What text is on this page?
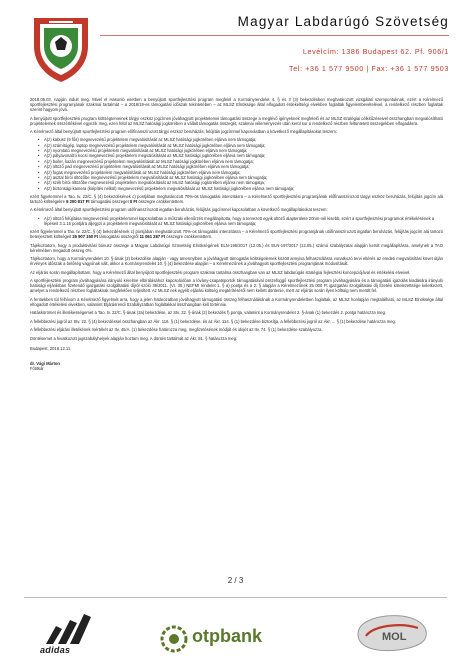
Magyar Labdarúgó Szövetség
Levélcím: 1386 Budapest 62. Pf. 906/1
Tel: +36 1 577 9500 | Fax: +36 1 577 9503

2018.05.03. napján indult meg. Mivel el Hasonló esetben a benyújtott sportfejlesztési program megfelel a Kormányrendelet 4. § és 3 (3) bekezdésben meghatározott vizsgálati szempontoknak, ezért a Kérelmező sportfejlesztési programjának szakmai tartalmát – a 2018/19-es támogatási időszak tekintetében – az MLSZ Elnöksége által elfogadott érdekeltségi elvekben foglaltak figyelembevételével, a rendelkező részben foglaltak szerint hagyom jóvá.

A benyújtott sportfejlesztési program költségterveinek tárgyi eszköz jogcímen jóváhagyott projektelemei támogatási összege a meglévő igényeknek megfelelő és az MLSZ stratégiai célkitűzéseivel összhangban megvalósítható projektelemek összértékével egyezik meg, ezen felül az MLSZ hatósági jogkörében a vállalt támogatás összegét, szakmai véleményezés után kerül sor a rendelkező részben feltüntetett összegekben elfogadásra.

A Kérelmező által benyújtott sportfejlesztési program előfinanszírozott tárgyi eszköz beruházás, felújítás jogcímmel kapcsolatban a következő megállapításokat teszem:

• A(z) kabusz (9 fős) megnevezésű projektelem megvalósítását az MLSZ hatósági jogkörében eljárva nem támogatja;
• A(z) számítógép, laptop megnevezésű projektelem megvalósítását az MLSZ hatósági jogkörében eljárva nem támogatja;
• A(z) nyomtató megnevezésű projektelem megvalósítását az MLSZ hatósági jogkörében eljárva nem támogatja;
• A(z) pályavonalzó kocsi megnevezésű projektelem megvalósítását az MLSZ hatósági jogkörében eljárva nem támogatja;
• A(z) boiler, kazán megnevezésű projektelem megvalósítását az MLSZ hatósági jogkörében eljárva nem támogatja;
• A(z) öltöző pad megnevezésű projektelem megvalósítását az MLSZ hatósági jogkörében eljárva nem támogatja;
• A(z) fogas megnevezésű projektelem megvalósítását az MLSZ hatósági jogkörében eljárva nem támogatja;
• A(z) asztal bírói öltözőbe megnevezésű projektelem megvalósítását az MLSZ hatósági jogkörében eljárva nem támogatja;
• A(z) szék bírói öltözőbe megnevezésű projektelem megvalósítását az MLSZ hatósági jogkörében eljárva nem támogatja;
• A(z) biztonsági kamera (kiépítés nélkül) megnevezésű projektelem megvalósítását az MLSZ hatósági jogkörében eljárva nem támogatja;

ezért figyelemmel a Tao. tv. 22/C. § (4) bekezdésének c) pontjában meghatározott 70%-os támogatási intenzitásra – a Kérelmező sportfejlesztési programjának előfinanszírozott tárgyi eszköz beruházás, felújítás jogcím alá tartozó költségekre 9 200 817 Ft támogatási összeget 0 Ft összegre csökkentettem.

A Kérelmező által benyújtott sportfejlesztési program utófinanszírozott ingatlan beruházás, felújítás jogcímmel kapcsolatban a következő megállapításokat teszem:

• A(z) öltöző felújítása megnevezésű projektelemmel kapcsolatban a műszaki ellenőrzés megállapította, hogy a tervezett egyik öltöző alapterülete 20nm-nél kisebb, ezért a sportfejlesztési programok értékelésének a lépéseit 3.1.15 pontjára aljegyzi a projektelem megvalósítását az MLSZ hatósági jogkörében eljárva nem támogatja;

ezért figyelemmel a Tao. tv. 22/C. § (4) bekezdésének c) pontjában meghatározott 70%-os támogatási intenzitásra – a Kérelmező sportfejlesztési programjának utófinanszírozott ingatlan beruházás, felújítás jogcím alá tartozó beterjesztett költségeit 25 907 150 Ft támogatási összegről 11 061 287 Ft összegre csökkentettem.

Tájékoztatom, hogy a produktivitási bónusz összege a Magyar Labdarúgó Szövetség Elnökségének ELN-196/2017 (12.05.) és ELN-197/2017 (12.05.) számú szabályzatai alapján került megállapításra, amelynek a TAO kérelmében megadott összeg 0%.

Tájékoztatom, hogy a Kormányrendelet 10. §-ának (2) bekezdése alapján - vagy amennyiben a jóváhagyott támogatás költségelemek között annyiva felhasználásra vonatkozó tervi eltérés az eredeti megvalósítási követ útján érvényes időszak a belőség vagyónak vált, akkor a Kormányrendelet 10. § (4) bekezdése alapján – a Kérelmezőnek a jóváhagyott sportfejlesztési programjának módosítását.

Az eljárás során megállapítottam, hogy a Kérelmező által benyújtott sportfejlesztési program szakmai tartalma összhangban van az MLSZ labdarúgás stratégiai fejlesztési koncepciójával és értékelési elveivel.

A sportfejlesztési program jóváhagyására irányuló kérelme elbírálásához kapcsolódóan a lóvány-csapatsportok támogatásával összefüggő sportfejlesztési program jóváhagyására és a támogatási igazolás kiadására irányuló hatósági eljárásban fizetendő igazgatási szolgáltatási díjról szóló 39/2011. (VI. 30.) NEFMI rendelet 1. § a) pontja és a 2. § alapján a Kérelmezőnek 25 000 Ft igazgatási szolgáltatási díj fizetési kötelezettsége keletkezett, amelyet a rendelkező részben foglaltaknak megfelelően teljesített. Az MLSZ nek egyéb eljárási költség megtérítéséről nem kellett döntenie, mert az eljárás során ilyen költség nem merült fel.

A fentiekben túl felhívom a Kérelmező figyelmét arra, hogy a jelen határozatban jóváhagyott támogatási összeg felhasználásának a Kormányrendeletben foglaltak, az MLSZ honlapján megtalálható, az MLSZ Elnöksége által elfogadott értékelési elvekben, valamint Eljárásrendi Szabályzatban foglaltakkal összhangban kell történnie.

Hatáskörömet és illetékességemet a Tao. tv. 22/C. §-ának (2a) bekezdése, az Stv. 22. §-ának (2) bekezdés f) pontja, valamint a Kormányrendelet 2. §-ának (1) bekezdés 2. pontja határozza meg.

A fellebbezési jogról az Stv. 22. § (4) bekezdéssel összhangban az Ákr. 116. § (1) bekezdése, és az Ákr. 114. § (1) bekezdése biztosítja, a fellebbezési jogról az Ákr. ... § (1) bekezdése határozza meg.

A fellebbezési eljárási illetékének mértékét az Itv. 45/A. (1) bekezdése határozza meg, megfizetésének módját és idejét az Itv. 74. § (1) bekezdése szabályozza.

Döntésemet a hivatkozott jogszabályhelyek alapján hoztam meg. A döntés tartalmát az Ákr. 81. § határozza meg.

Budapest, 2018.12.11.

dr. Vági Márton
Főtitkár

2 / 3
adidas
otpbank	MOL
